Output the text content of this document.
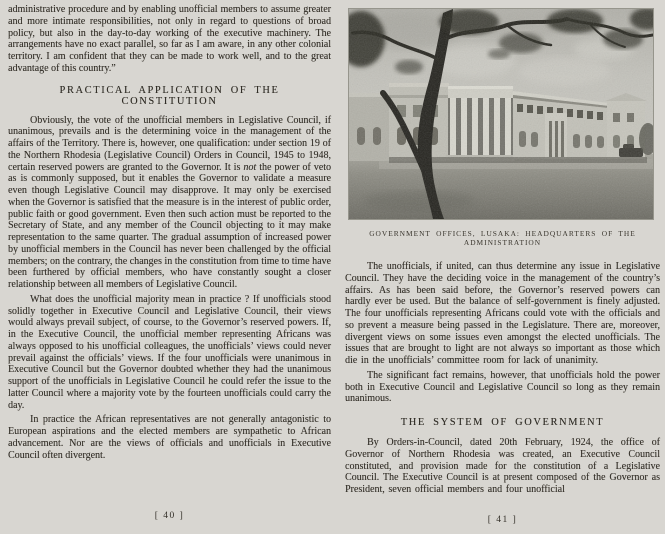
administrative procedure and by enabling unofficial members to assume greater and more intimate responsibilities, not only in regard to questions of broad policy, but also in the day-to-day working of the executive machinery. The arrangements have no exact parallel, so far as I am aware, in any other colonial territory. I am confident that they can be made to work well, and to the great advantage of this country.”

PRACTICAL APPLICATION OF THE CONSTITUTION

Obviously, the vote of the unofficial members in Legislative Council, if unanimous, prevails and is the determining voice in the management of the affairs of the Territory. There is, however, one qualification: under section 19 of the Northern Rhodesia (Legislative Council) Orders in Council, 1945 to 1948, certain reserved powers are granted to the Governor. It is not the power of veto as is commonly supposed, but it enables the Governor to validate a measure even though Legislative Council may disapprove. It may only be exercised when the Governor is satisfied that the measure is in the interest of public order, public faith or good government. Even then such action must be reported to the Secretary of State, and any member of the Council objecting to it may make representation to the same quarter. The gradual assumption of increased power by unofficial members in the Council has never been challenged by the official members; on the contrary, the changes in the constitution from time to time have been furthered by official members, who have constantly sought a closer relationship between all members of Legislative Council.

What does the unofficial majority mean in practice ? If unofficials stood solidly together in Executive Council and Legislative Council, their views would always prevail subject, of course, to the Governor’s reserved powers. If, in the Executive Council, the unofficial member representing Africans was always opposed to his unofficial colleagues, the unofficials’ views could never prevail against the officials’ views. If the four unofficials were unanimous in Executive Council but the Governor doubted whether they had the unanimous support of the unofficials in Legislative Council he could refer the issue to the latter Council where a majority vote by the fourteen unofficials could carry the day.

In practice the African representatives are not generally antagonistic to European aspirations and the elected members are sympathetic to African advancement. Nor are the views of officials and unofficials in Executive Council often divergent.

[ 40 ]
GOVERNMENT OFFICES, LUSAKA: HEADQUARTERS OF THE ADMINISTRATION

The unofficials, if united, can thus determine any issue in Legislative Council. They have the deciding voice in the management of the country’s affairs. As has been said before, the Governor’s reserved powers can hardly ever be used. But the balance of self-government is finely adjusted. The four unofficials representing Africans could vote with the officials and so prevent a measure being passed in the Legislature. There are, moreover, divergent views on some issues even amongst the elected unofficials. The issues that are brought to light are not always so important as those which die in the unofficials’ committee room for lack of unanimity.

The significant fact remains, however, that unofficials hold the power both in Executive Council and Legislative Council so long as they remain unanimous.

THE SYSTEM OF GOVERNMENT

By Orders-in-Council, dated 20th February, 1924, the office of Governor of Northern Rhodesia was created, an Executive Council constituted, and provision made for the constitution of a Legislative Council. The Executive Council is at present composed of the Governor as President, seven official members and four unofficial

[ 41 ]
